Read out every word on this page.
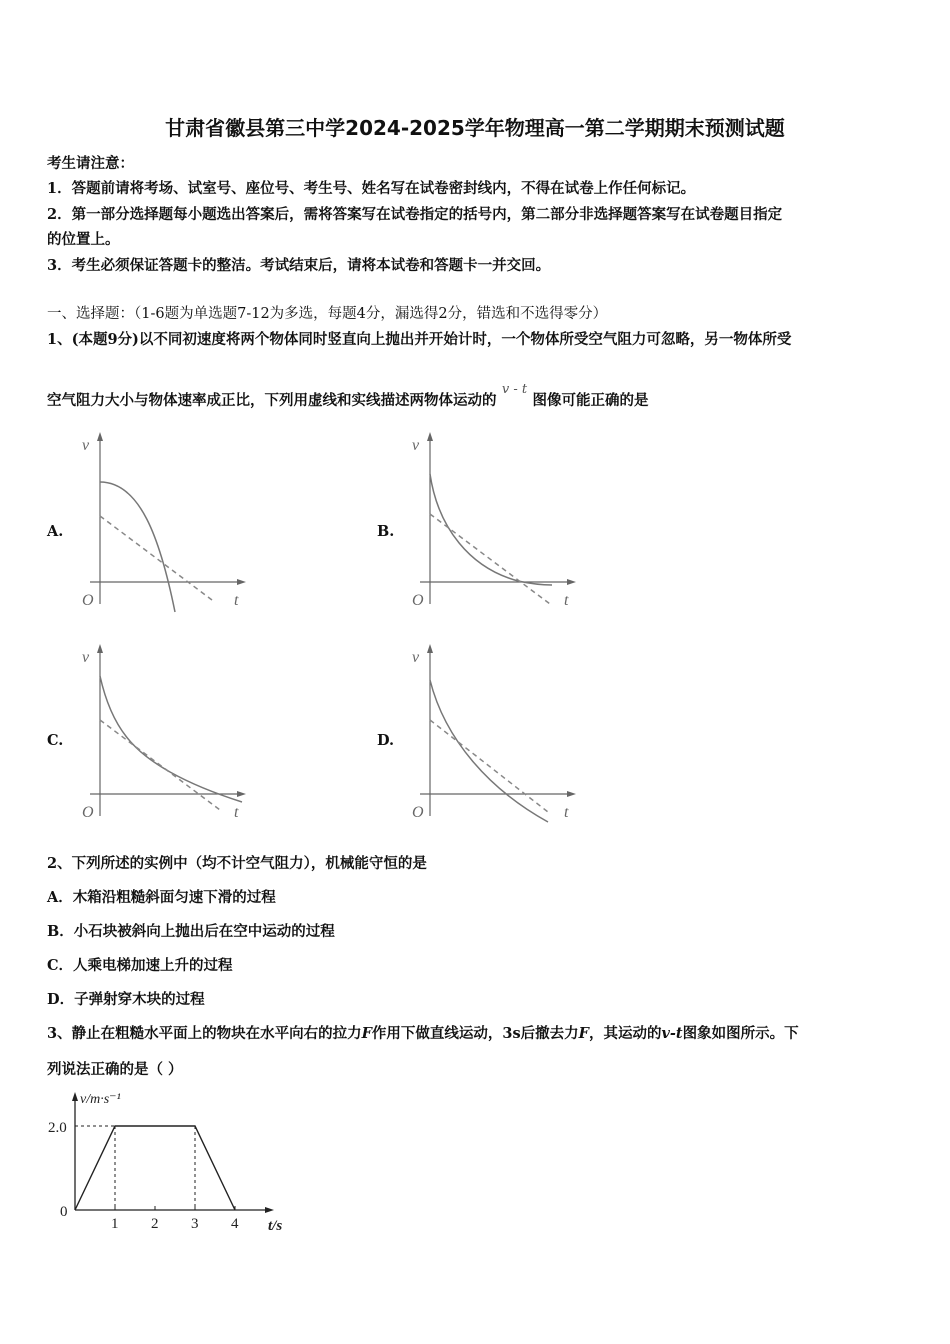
甘肃省徽县第三中学2024-2025学年物理高一第二学期期末预测试题
考生请注意：
1．答题前请将考场、试室号、座位号、考生号、姓名写在试卷密封线内，不得在试卷上作任何标记。
2．第一部分选择题每小题选出答案后，需将答案写在试卷指定的括号内，第二部分非选择题答案写在试卷题目指定
的位置上。
3．考生必须保证答题卡的整洁。考试结束后，请将本试卷和答题卡一并交回。
一、选择题：（1-6题为单选题7-12为多选，每题4分，漏选得2分，错选和不选得零分）
1、(本题9分)以不同初速度将两个物体同时竖直向上抛出并开始计时，一个物体所受空气阻力可忽略，另一物体所受
空气阻力大小与物体速率成正比，下列用虚线和实线描述两物体运动的v - t图像可能正确的是
A.	B.
C.	D.
v
t
O
v
t
O
v
t
O
v
t
O
2、下列所述的实例中（均不计空气阻力），机械能守恒的是
A．木箱沿粗糙斜面匀速下滑的过程
B．小石块被斜向上抛出后在空中运动的过程
C．人乘电梯加速上升的过程
D．子弹射穿木块的过程
3、静止在粗糙水平面上的物块在水平向右的拉力F作用下做直线运动，3s后撤去力F，其运动的v-t图象如图所示。下
列说法正确的是（ ）
v/m·s⁻¹
t/s
2.0
0
1 2 3 4
